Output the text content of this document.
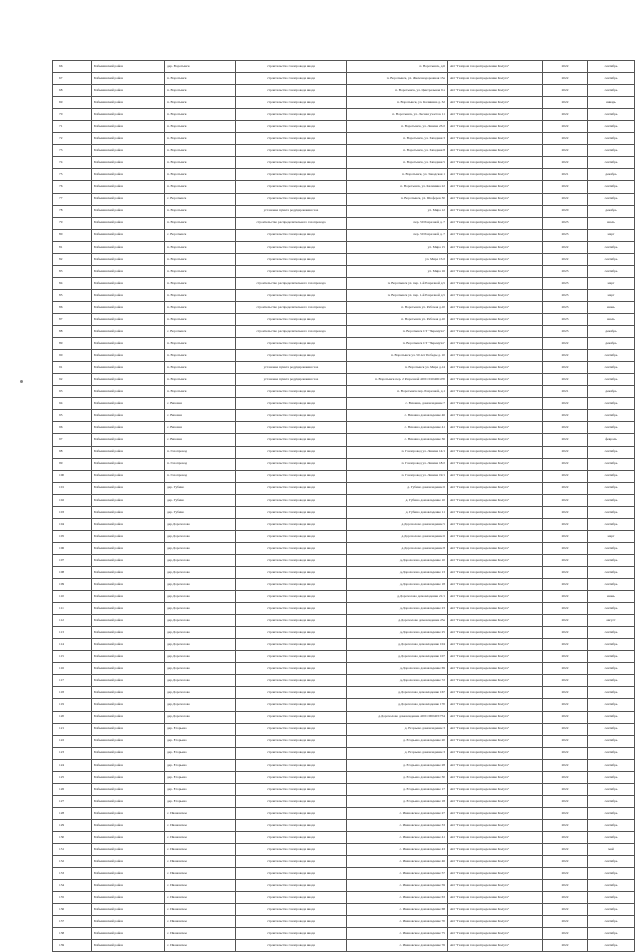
66	Бабынинский район	дер. Воротынск	строительство газопровода ввода	п. Воротынск, д.6	АО "Газпром газораспределение Калуга"	2022	сентябрь
67	Бабынинский район	п. Воротынск	строительство газопровода ввода	п. Воротынск, ул. Железнодорожная 13а	АО "Газпром газораспределение Калуга"	2022	сентябрь
68	Бабынинский район	п. Воротынск	строительство газопровода ввода	п. Воротынск, ул. Центральная 9 а	АО "Газпром газораспределение Калуга"	2022	сентябрь
69	Бабынинский район	п. Воротынск	строительство газопровода ввода	п. Воротынск, ул. Калинина д. 32	АО "Газпром газораспределение Калуга"	2022	январь
70	Бабынинский район	п. Воротынск	строительство газопровода ввода	п. Воротынск, ул. Лесная участок 11	АО "Газпром газораспределение Калуга"	2022	сентябрь
71	Бабынинский район	п. Воротынск	строительство газопровода ввода	п. Воротынск, ул. Ленина 23/2	АО "Газпром газораспределение Калуга"	2022	сентябрь
72	Бабынинский район	п. Воротынск	строительство газопровода ввода	п. Воротынск, ул. Западная 3	АО "Газпром газораспределение Калуга"	2022	сентябрь
73	Бабынинский район	п. Воротынск	строительство газопровода ввода	п. Воротынск, ул. Западная 8	АО "Газпром газораспределение Калуга"	2022	сентябрь
74	Бабынинский район	п. Воротынск	строительство газопровода ввода	п. Воротынск, ул. Западная 5	АО "Газпром газораспределение Калуга"	2022	сентябрь
75	Бабынинский район	п. Воротынск	строительство газопровода ввода	п. Воротынск, ул. Заводская 1	АО "Газпром газораспределение Калуга"	2021	декабрь
76	Бабынинский район	п. Воротынск	строительство газопровода ввода	п. Воротынск, ул. Калинина 22	АО "Газпром газораспределение Калуга"	2022	сентябрь
77	Бабынинский район	с. Воротынск	строительство газопровода ввода	п. Воротынск, ул. Шоферов 30	АО "Газпром газораспределение Калуга"	2022	сентябрь
78	Бабынинский район	п. Воротынск	установка пункта редуцирования газа	ул. Мира 12	АО "Газпром газораспределение Калуга"	2020	декабрь
79	Бабынинский район	п. Воротынск	строительство распределительного газопровода	пер. 50 Разрезной д. 7	АО "Газпром газораспределение Калуга"	2023	июль
80	Бабынинский район	с. Воротынск	строительство газопровода ввода	пер. 50 Разрезной д. 7	АО "Газпром газораспределение Калуга"	2023	март
81	Бабынинский район	п. Воротынск	строительство газопровода ввода	ул. Мира 15	АО "Газпром газораспределение Калуга"	2022	сентябрь
82	Бабынинский район	п. Воротынск	строительство газопровода ввода	ул. Мира 15/2	АО "Газпром газораспределение Калуга"	2022	сентябрь
83	Бабынинский район	п. Воротынск	строительство газопровода ввода	ул. Мира 16	АО "Газпром газораспределение Калуга"	2023	сентябрь
84	Бабынинский район	п. Воротынск	строительство распределительного газопровода	п. Воротынск ул. пер. 1-й Разрезной д.5	АО "Газпром газораспределение Калуга"	2023	март
85	Бабынинский район	п. Воротынск	строительство газопровода ввода	п. Воротынск ул. пер. 1-й Разрезной д.5	АО "Газпром газораспределение Калуга"	2023	март
86	Бабынинский район	п. Воротынск	строительство распределительного газопровода	п. Воротынск ул. Рабочая д.10	АО "Газпром газораспределение Калуга"	2023	июнь
87	Бабынинский район	п. Воротынск	строительство газопровода ввода	п. Воротынск ул. Рабочая д.10	АО "Газпром газораспределение Калуга"	2023	июль
88	Бабынинский район	с. Воротынск	строительство распределительного газопровода	п. Воротынск СТ "Черемуха"	АО "Газпром газораспределение Калуга"	2023	декабрь
89	Бабынинский район	п. Воротынск	строительство газопровода ввода	п. Воротынск СТ "Черемуха"	АО "Газпром газораспределение Калуга"	2022	декабрь
90	Бабынинский район	п. Воротынск	строительство газопровода ввода	п. Воротынск ул. 50 лет Победы д. 10	АО "Газпром газораспределение Калуга"	2022	сентябрь
91	Бабынинский район	п. Воротынск	установка пункта редуцирования газа	п. Воротынск ул. Мира д.14	АО "Газпром газораспределение Калуга"	2022	сентябрь
92	Бабынинский район	п. Воротынск	установка пункта редуцирования газа	п. Воротынск пер. 2 Разрезной 40:01:010406:470	АО "Газпром газораспределение Калуга"	2022	сентябрь
93	Бабынинский район	п. Воротынск	строительство газопровода ввода	п. Воротынск пер. Разрезной, д.1	АО "Газпром газораспределение Калуга"	2021	декабрь
94	Бабынинский район	с. Вязовна	строительство газопровода ввода	с. Вязовна, домовладение 7	АО "Газпром газораспределение Калуга"	2022	сентябрь
95	Бабынинский район	с. Вязовна	строительство газопровода ввода	с. Вязовна домовладение 46	АО "Газпром газораспределение Калуга"	2022	сентябрь
96	Бабынинский район	с. Вязовна	строительство газопровода ввода	с. Вязовна домовладение 41	АО "Газпром газораспределение Калуга"	2022	сентябрь
97	Бабынинский район	с. Вязовна	строительство газопровода ввода	с. Вязовна домовладение 36	АО "Газпром газораспределение Калуга"	2022	февраль
98	Бабынинский район	п. Газопровод	строительство газопровода ввода	п. Газопровод ул. Ленина 14/1	АО "Газпром газораспределение Калуга"	2022	сентябрь
99	Бабынинский район	п. Газопровод	строительство газопровода ввода	п. Газопровод ул. Ленина 18/2	АО "Газпром газораспределение Калуга"	2022	сентябрь
100	Бабынинский район	п. Газопровод	строительство газопровода ввода	п. Газопровод ул. Ленина 19/1	АО "Газпром газораспределение Калуга"	2022	сентябрь
101	Бабынинский район	дер. Губино	строительство газопровода ввода	д. Губино домовладение 6	АО "Газпром газораспределение Калуга"	2022	сентябрь
102	Бабынинский район	дер. Губино	строительство газопровода ввода	д. Губино домовладение 10	АО "Газпром газораспределение Калуга"	2022	сентябрь
103	Бабынинский район	дер. Губино	строительство газопровода ввода	д. Губино домовладение 11	АО "Газпром газораспределение Калуга"	2022	сентябрь
104	Бабынинский район	дер.Дорохолово	строительство газопровода ввода	д.Дорохолово домовладение 5	АО "Газпром газораспределение Калуга"	2022	сентябрь
105	Бабынинский район	дер.Дорохолово	строительство газопровода ввода	д.Дорохолово домовладение 6	АО "Газпром газораспределение Калуга"	2022	март
106	Бабынинский район	дер.Дорохолово	строительство газопровода ввода	д.Дорохолово домовладение 8	АО "Газпром газораспределение Калуга"	2022	сентябрь
107	Бабынинский район	дер.Дорохолово	строительство газопровода ввода	д.Дорохолово домовладение 10	АО "Газпром газораспределение Калуга"	2022	сентябрь
108	Бабынинский район	дер.Дорохолово	строительство газопровода ввода	д.Дорохолово домовладение 13	АО "Газпром газораспределение Калуга"	2022	сентябрь
109	Бабынинский район	дер.Дорохолово	строительство газопровода ввода	д.Дорохолово домовладение 18	АО "Газпром газораспределение Калуга"	2022	сентябрь
110	Бабынинский район	дер.Дорохолово	строительство газопровода ввода	д.Дорохолово домовладение 21/1	АО "Газпром газораспределение Калуга"	2022	июнь
111	Бабынинский район	дер.Дорохолово	строительство газопровода ввода	д.Дорохолово домовладение 23	АО "Газпром газораспределение Калуга"	2022	сентябрь
112	Бабынинский район	дер.Дорохолово	строительство газопровода ввода	д.Дорохолово домовладение 23а	АО "Газпром газораспределение Калуга"	2022	август
113	Бабынинский район	дер.Дорохолово	строительство газопровода ввода	д.Дорохолово домовладение 25	АО "Газпром газораспределение Калуга"	2022	сентябрь
114	Бабынинский район	дер.Дорохолово	строительство газопровода ввода	д.Дорохолово домовладение 104	АО "Газпром газораспределение Калуга"	2022	сентябрь
115	Бабынинский район	дер.Дорохолово	строительство газопровода ввода	д.Дорохолово домовладение 107	АО "Газпром газораспределение Калуга"	2022	сентябрь
116	Бабынинский район	дер.Дорохолово	строительство газопровода ввода	д.Дорохолово домовладение 69	АО "Газпром газораспределение Калуга"	2022	сентябрь
117	Бабынинский район	дер.Дорохолово	строительство газопровода ввода	д.Дорохолово домовладение 72	АО "Газпром газораспределение Калуга"	2022	сентябрь
118	Бабынинский район	дер.Дорохолово	строительство газопровода ввода	д.Дорохолово домовладение 167	АО "Газпром газораспределение Калуга"	2022	сентябрь
119	Бабынинский район	дер.Дорохолово	строительство газопровода ввода	д.Дорохолово домовладение 170	АО "Газпром газораспределение Калуга"	2022	сентябрь
120	Бабынинский район	дер.Дорохолово	строительство газопровода ввода	д.Дорохолово домовладение 40:01:000403:754	АО "Газпром газораспределение Калуга"	2022	сентябрь
121	Бабынинский район	дер. Егорьево	строительство газопровода ввода	д. Егорьево домовладение 3	АО "Газпром газораспределение Калуга"	2022	сентябрь
122	Бабынинский район	дер. Егорьево	строительство газопровода ввода	д. Егорьево домовладение 20	АО "Газпром газораспределение Калуга"	2022	сентябрь
123	Бабынинский район	дер. Егорьево	строительство газопровода ввода	д. Егорьево домовладение 3	АО "Газпром газораспределение Калуга"	2022	сентябрь
124	Бабынинский район	дер. Егорьево	строительство газопровода ввода	д. Егорьево домовладение 28	АО "Газпром газораспределение Калуга"	2022	сентябрь
125	Бабынинский район	дер. Егорьево	строительство газопровода ввода	д. Егорьево домовладение 30	АО "Газпром газораспределение Калуга"	2022	сентябрь
126	Бабынинский район	дер. Егорьево	строительство газопровода ввода	д. Егорьево домовладение 17	АО "Газпром газораспределение Калуга"	2022	сентябрь
127	Бабынинский район	дер. Егорьево	строительство газопровода ввода	д. Егорьево домовладение 18	АО "Газпром газораспределение Калуга"	2022	сентябрь
128	Бабынинский район	с. Ивановское	строительство газопровода ввода	с. Ивановское домовладение 27	АО "Газпром газораспределение Калуга"	2022	сентябрь
129	Бабынинский район	с. Ивановское	строительство газопровода ввода	с. Ивановское домовладение 33	АО "Газпром газораспределение Калуга"	2022	сентябрь
130	Бабынинский район	с. Ивановское	строительство газопровода ввода	с. Ивановское домовладение 41	АО "Газпром газораспределение Калуга"	2022	сентябрь
131	Бабынинский район	с. Ивановское	строительство газопровода ввода	с. Ивановское домовладение 43	АО "Газпром газораспределение Калуга"	2022	май
132	Бабынинский район	с. Ивановское	строительство газопровода ввода	с. Ивановское домовладение 46	АО "Газпром газораспределение Калуга"	2022	сентябрь
133	Бабынинский район	с. Ивановское	строительство газопровода ввода	с. Ивановское домовладение 57	АО "Газпром газораспределение Калуга"	2022	сентябрь
134	Бабынинский район	с. Ивановское	строительство газопровода ввода	с. Ивановское домовладение 59	АО "Газпром газораспределение Калуга"	2022	сентябрь
135	Бабынинский район	с. Ивановское	строительство газопровода ввода	с. Ивановское домовладение 63	АО "Газпром газораспределение Калуга"	2022	сентябрь
136	Бабынинский район	с. Ивановское	строительство газопровода ввода	с. Ивановское домовладение 68	АО "Газпром газораспределение Калуга"	2022	сентябрь
137	Бабынинский район	с. Ивановское	строительство газопровода ввода	с. Ивановское домовладение 70	АО "Газпром газораспределение Калуга"	2022	сентябрь
138	Бабынинский район	с. Ивановское	строительство газопровода ввода	с. Ивановское домовладение 75	АО "Газпром газораспределение Калуга"	2022	сентябрь
139	Бабынинский район	с. Ивановское	строительство газопровода ввода	с. Ивановское домовладение 76	АО "Газпром газораспределение Калуга"	2022	сентябрь
